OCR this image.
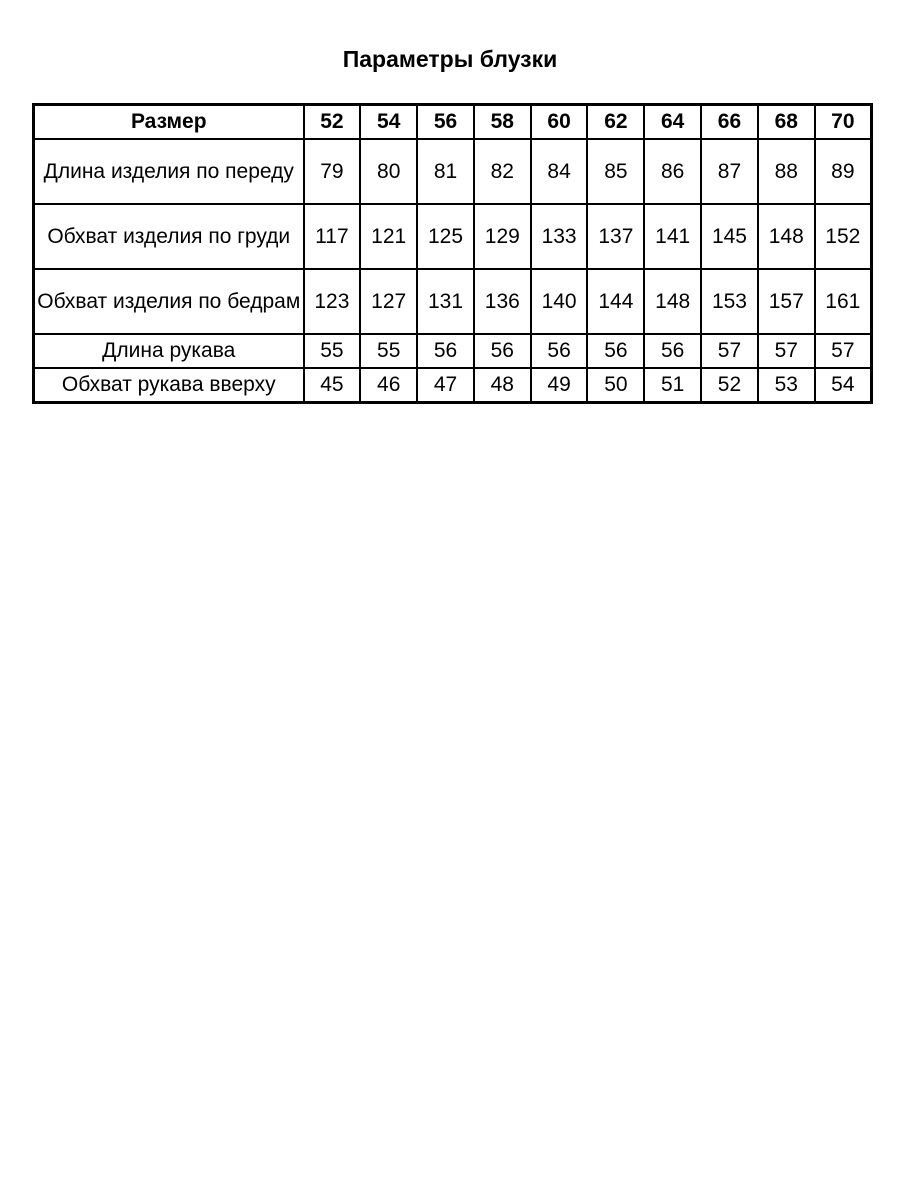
Параметры блузки
Размер	52	54	56	58	60	62	64	66	68	70
Длина изделия по переду	79	80	81	82	84	85	86	87	88	89
Обхват изделия по груди	117	121	125	129	133	137	141	145	148	152
Обхват изделия по бедрам	123	127	131	136	140	144	148	153	157	161
Длина рукава	55	55	56	56	56	56	56	57	57	57
Обхват рукава вверху	45	46	47	48	49	50	51	52	53	54
